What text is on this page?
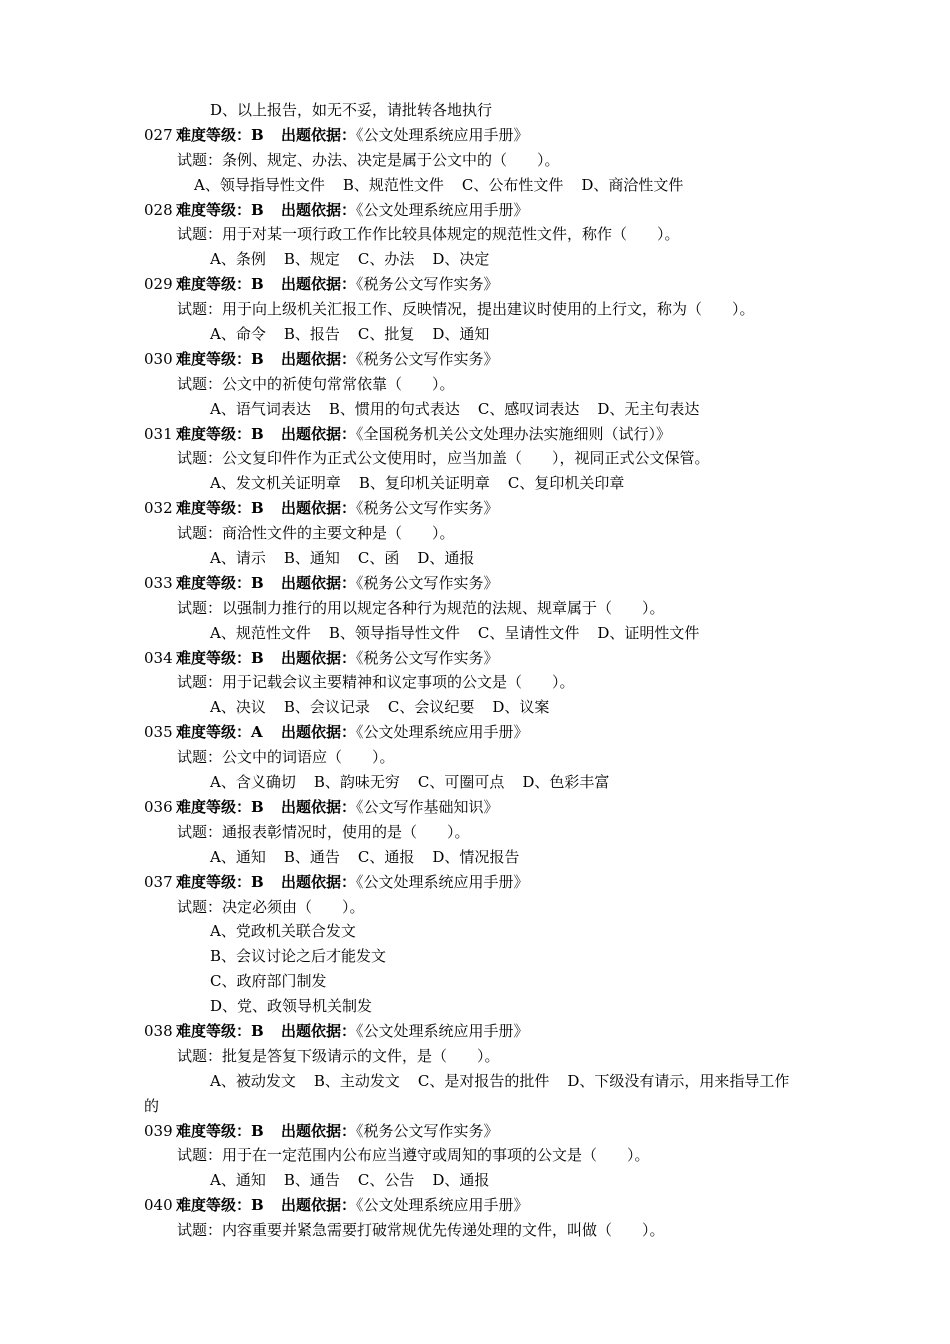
D、以上报告，如无不妥，请批转各地执行
027 难度等级：B 出题依据：《公文处理系统应用手册》
试题：条例、规定、办法、决定是属于公文中的（　　）。
A、领导指导性文件 B、规范性文件 C、公布性文件 D、商洽性文件
028 难度等级：B 出题依据：《公文处理系统应用手册》
试题：用于对某一项行政工作作比较具体规定的规范性文件，称作（　　）。
A、条例 B、规定 C、办法 D、决定
029 难度等级：B 出题依据：《税务公文写作实务》
试题：用于向上级机关汇报工作、反映情况，提出建议时使用的上行文，称为（　　）。
A、命令 B、报告 C、批复 D、通知
030 难度等级：B 出题依据：《税务公文写作实务》
试题：公文中的祈使句常常依靠（　　）。
A、语气词表达 B、惯用的句式表达 C、感叹词表达 D、无主句表达
031 难度等级：B 出题依据：《全国税务机关公文处理办法实施细则（试行）》
试题：公文复印件作为正式公文使用时，应当加盖（　　），视同正式公文保管。
A、发文机关证明章 B、复印机关证明章 C、复印机关印章
032 难度等级：B 出题依据：《税务公文写作实务》
试题：商洽性文件的主要文种是（　　）。
A、请示 B、通知 C、函 D、通报
033 难度等级：B 出题依据：《税务公文写作实务》
试题：以强制力推行的用以规定各种行为规范的法规、规章属于（　　）。
A、规范性文件 B、领导指导性文件 C、呈请性文件 D、证明性文件
034 难度等级：B 出题依据：《税务公文写作实务》
试题：用于记载会议主要精神和议定事项的公文是（　　）。
A、决议 B、会议记录 C、会议纪要 D、议案
035 难度等级：A 出题依据：《公文处理系统应用手册》
试题：公文中的词语应（　　）。
A、含义确切 B、韵味无穷 C、可圈可点 D、色彩丰富
036 难度等级：B 出题依据：《公文写作基础知识》
试题：通报表彰情况时，使用的是（　　）。
A、通知 B、通告 C、通报 D、情况报告
037 难度等级：B 出题依据：《公文处理系统应用手册》
试题：决定必须由（　　）。
A、党政机关联合发文
B、会议讨论之后才能发文
C、政府部门制发
D、党、政领导机关制发
038 难度等级：B 出题依据：《公文处理系统应用手册》
试题：批复是答复下级请示的文件，是（　　）。
A、被动发文 B、主动发文 C、是对报告的批件 D、下级没有请示，用来指导工作
的
039 难度等级：B 出题依据：《税务公文写作实务》
试题：用于在一定范围内公布应当遵守或周知的事项的公文是（　　）。
A、通知 B、通告 C、公告 D、通报
040 难度等级：B 出题依据：《公文处理系统应用手册》
试题：内容重要并紧急需要打破常规优先传递处理的文件，叫做（　　）。
